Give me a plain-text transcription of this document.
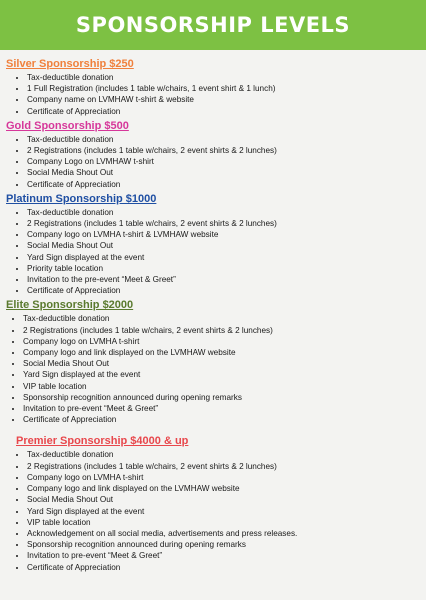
SPONSORSHIP LEVELS
Silver Sponsorship $250
• Tax-deductible donation
• 1 Full Registration (includes 1 table w/chairs, 1 event shirt & 1 lunch)
• Company name on LVMHAW t-shirt & website
• Certificate of Appreciation
Gold Sponsorship $500
• Tax-deductible donation
• 2 Registrations (includes 1 table w/chairs, 2 event shirts & 2 lunches)
• Company Logo on LVMHAW t-shirt
• Social Media Shout Out
• Certificate of Appreciation
Platinum Sponsorship $1000
• Tax-deductible donation
• 2 Registrations (includes 1 table w/chairs, 2 event shirts & 2 lunches)
• Company logo on LVMHA t-shirt & LVMHAW website
• Social Media Shout Out
• Yard Sign displayed at the event
• Priority table location
• Invitation to the pre-event “Meet & Greet”
• Certificate of Appreciation
Elite Sponsorship $2000
• Tax-deductible donation
• 2 Registrations (includes 1 table w/chairs, 2 event shirts & 2 lunches)
• Company logo on LVMHA t-shirt
• Company logo and link displayed on the LVMHAW website
• Social Media Shout Out
• Yard Sign displayed at the event
• VIP table location
• Sponsorship recognition announced during opening remarks
• Invitation to pre-event “Meet & Greet”
• Certificate of Appreciation
Premier Sponsorship $4000 & up
• Tax-deductible donation
• 2 Registrations (includes 1 table w/chairs, 2 event shirts & 2 lunches)
• Company logo on LVMHA t-shirt
• Company logo and link displayed on the LVMHAW website
• Social Media Shout Out
• Yard Sign displayed at the event
• VIP table location
• Acknowledgement on all social media, advertisements and press releases.
• Sponsorship recognition announced during opening remarks
• Invitation to pre-event “Meet & Greet”
• Certificate of Appreciation
